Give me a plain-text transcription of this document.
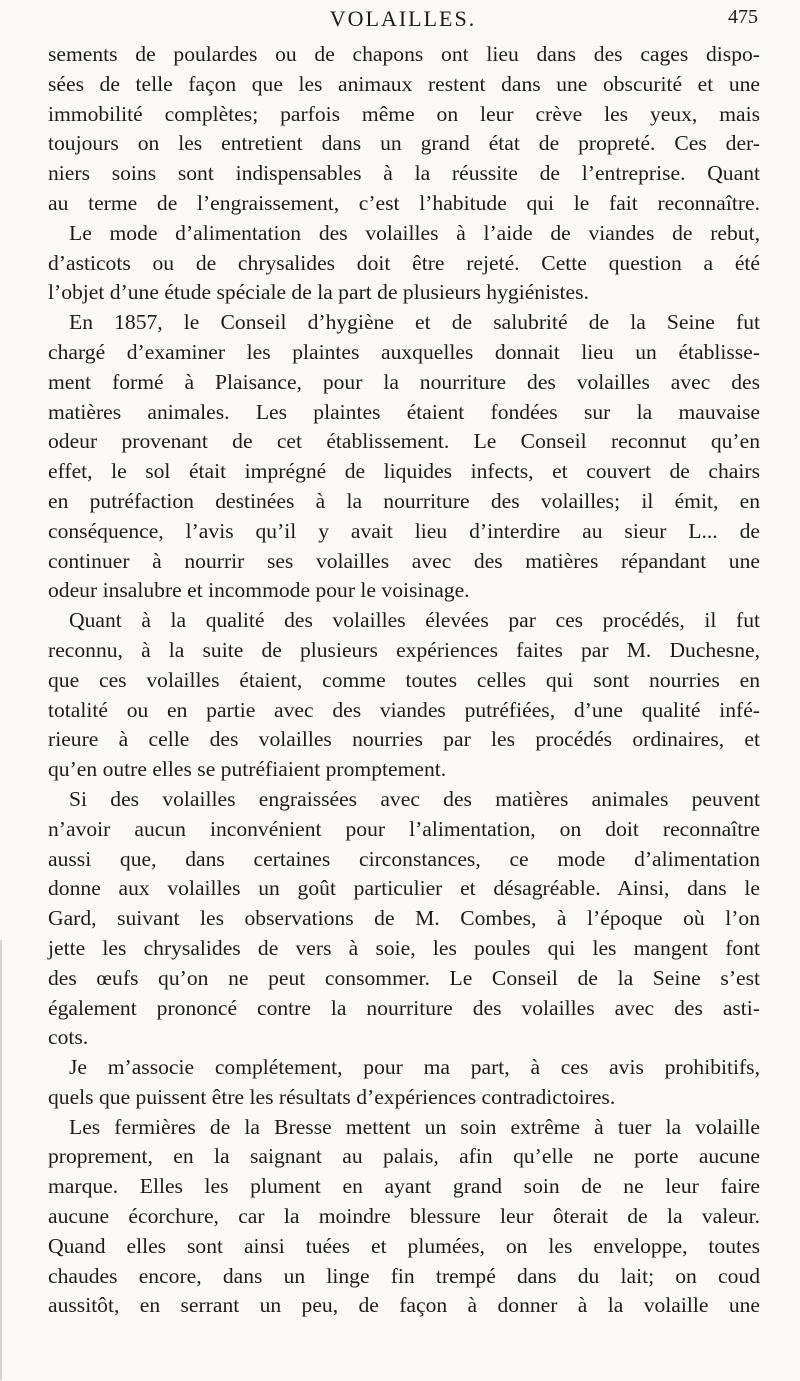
VOLAILLES.	475
sements de poulardes ou de chapons ont lieu dans des cages dispo-
sées de telle façon que les animaux restent dans une obscurité et une
immobilité complètes; parfois même on leur crève les yeux, mais
toujours on les entretient dans un grand état de propreté. Ces der-
niers soins sont indispensables à la réussite de l’entreprise. Quant
au terme de l’engraissement, c’est l’habitude qui le fait reconnaître.
Le mode d’alimentation des volailles à l’aide de viandes de rebut,
d’asticots ou de chrysalides doit être rejeté. Cette question a été
l’objet d’une étude spéciale de la part de plusieurs hygiénistes.
En 1857, le Conseil d’hygiène et de salubrité de la Seine fut
chargé d’examiner les plaintes auxquelles donnait lieu un établisse-
ment formé à Plaisance, pour la nourriture des volailles avec des
matières animales. Les plaintes étaient fondées sur la mauvaise
odeur provenant de cet établissement. Le Conseil reconnut qu’en
effet, le sol était imprégné de liquides infects, et couvert de chairs
en putréfaction destinées à la nourriture des volailles; il émit, en
conséquence, l’avis qu’il y avait lieu d’interdire au sieur L... de
continuer à nourrir ses volailles avec des matières répandant une
odeur insalubre et incommode pour le voisinage.
Quant à la qualité des volailles élevées par ces procédés, il fut
reconnu, à la suite de plusieurs expériences faites par M. Duchesne,
que ces volailles étaient, comme toutes celles qui sont nourries en
totalité ou en partie avec des viandes putréfiées, d’une qualité infé-
rieure à celle des volailles nourries par les procédés ordinaires, et
qu’en outre elles se putréfiaient promptement.
Si des volailles engraissées avec des matières animales peuvent
n’avoir aucun inconvénient pour l’alimentation, on doit reconnaître
aussi que, dans certaines circonstances, ce mode d’alimentation
donne aux volailles un goût particulier et désagréable. Ainsi, dans le
Gard, suivant les observations de M. Combes, à l’époque où l’on
jette les chrysalides de vers à soie, les poules qui les mangent font
des œufs qu’on ne peut consommer. Le Conseil de la Seine s’est
également prononcé contre la nourriture des volailles avec des asti-
cots.
Je m’associe complétement, pour ma part, à ces avis prohibitifs,
quels que puissent être les résultats d’expériences contradictoires.
Les fermières de la Bresse mettent un soin extrême à tuer la volaille
proprement, en la saignant au palais, afin qu’elle ne porte aucune
marque. Elles les plument en ayant grand soin de ne leur faire
aucune écorchure, car la moindre blessure leur ôterait de la valeur.
Quand elles sont ainsi tuées et plumées, on les enveloppe, toutes
chaudes encore, dans un linge fin trempé dans du lait; on coud
aussitôt, en serrant un peu, de façon à donner à la volaille une
